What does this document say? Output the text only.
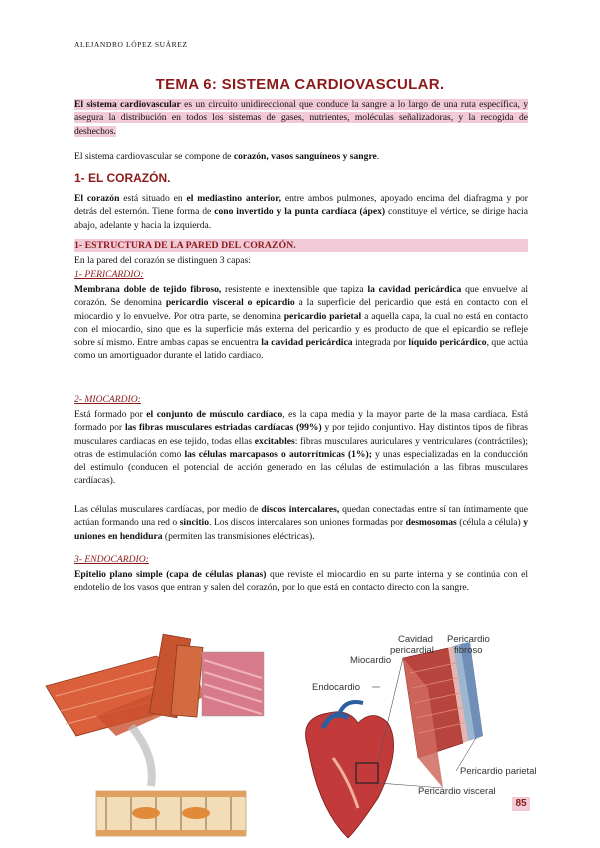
ALEJANDRO LÓPEZ SUÁREZ
TEMA 6: SISTEMA CARDIOVASCULAR.
El sistema cardiovascular es un circuito unidireccional que conduce la sangre a lo largo de una ruta específica, y asegura la distribución en todos los sistemas de gases, nutrientes, moléculas señalizadoras, y la recogida de deshechos.
El sistema cardiovascular se compone de corazón, vasos sanguíneos y sangre.
1- EL CORAZÓN.
El corazón está situado en el mediastino anterior, entre ambos pulmones, apoyado encima del diafragma y por detrás del esternón. Tiene forma de cono invertido y la punta cardíaca (ápex) constituye el vértice, se dirige hacia abajo, adelante y hacia la izquierda.
1- ESTRUCTURA DE LA PARED DEL CORAZÓN.
En la pared del corazón se distinguen 3 capas:
1- PERICARDIO:
Membrana doble de tejido fibroso, resistente e inextensible que tapiza la cavidad pericárdica que envuelve al corazón. Se denomina pericardio visceral o epicardio a la superficie del pericardio que está en contacto con el miocardio y lo envuelve. Por otra parte, se denomina pericardio parietal a aquella capa, la cual no está en contacto con el miocardio, sino que es la superficie más externa del pericardio y es producto de que el epicardio se refleje sobre sí mismo. Entre ambas capas se encuentra la cavidad pericárdica integrada por líquido pericárdico, que actúa como un amortiguador durante el latido cardiaco.
2- MIOCARDIO:
Está formado por el conjunto de músculo cardíaco, es la capa media y la mayor parte de la masa cardiaca. Está formado por las fibras musculares estriadas cardíacas (99%) y por tejido conjuntivo. Hay distintos tipos de fibras musculares cardiacas en ese tejido, todas ellas excitables: fibras musculares auriculares y ventriculares (contráctiles); otras de estimulación como las células marcapasos o autorrítmicas (1%); y unas especializadas en la conducción del estímulo (conducen el potencial de acción generado en las células de estimulación a las fibras musculares cardíacas).
Las células musculares cardíacas, por medio de discos intercalares, quedan conectadas entre sí tan íntimamente que actúan formando una red o sincitio. Los discos intercalares son uniones formadas por desmosomas (célula a célula) y uniones en hendidura (permiten las transmisiones eléctricas).
3- ENDOCARDIO:
Epitelio plano simple (capa de células planas) que reviste el miocardio en su parte interna y se continúa con el endotelio de los vasos que entran y salen del corazón, por lo que está en contacto directo con la sangre.
Cavidad
pericardial
Pericardio
fibroso
Miocardio
Endocardio
Pericardio parietal
Pericardio visceral
85
